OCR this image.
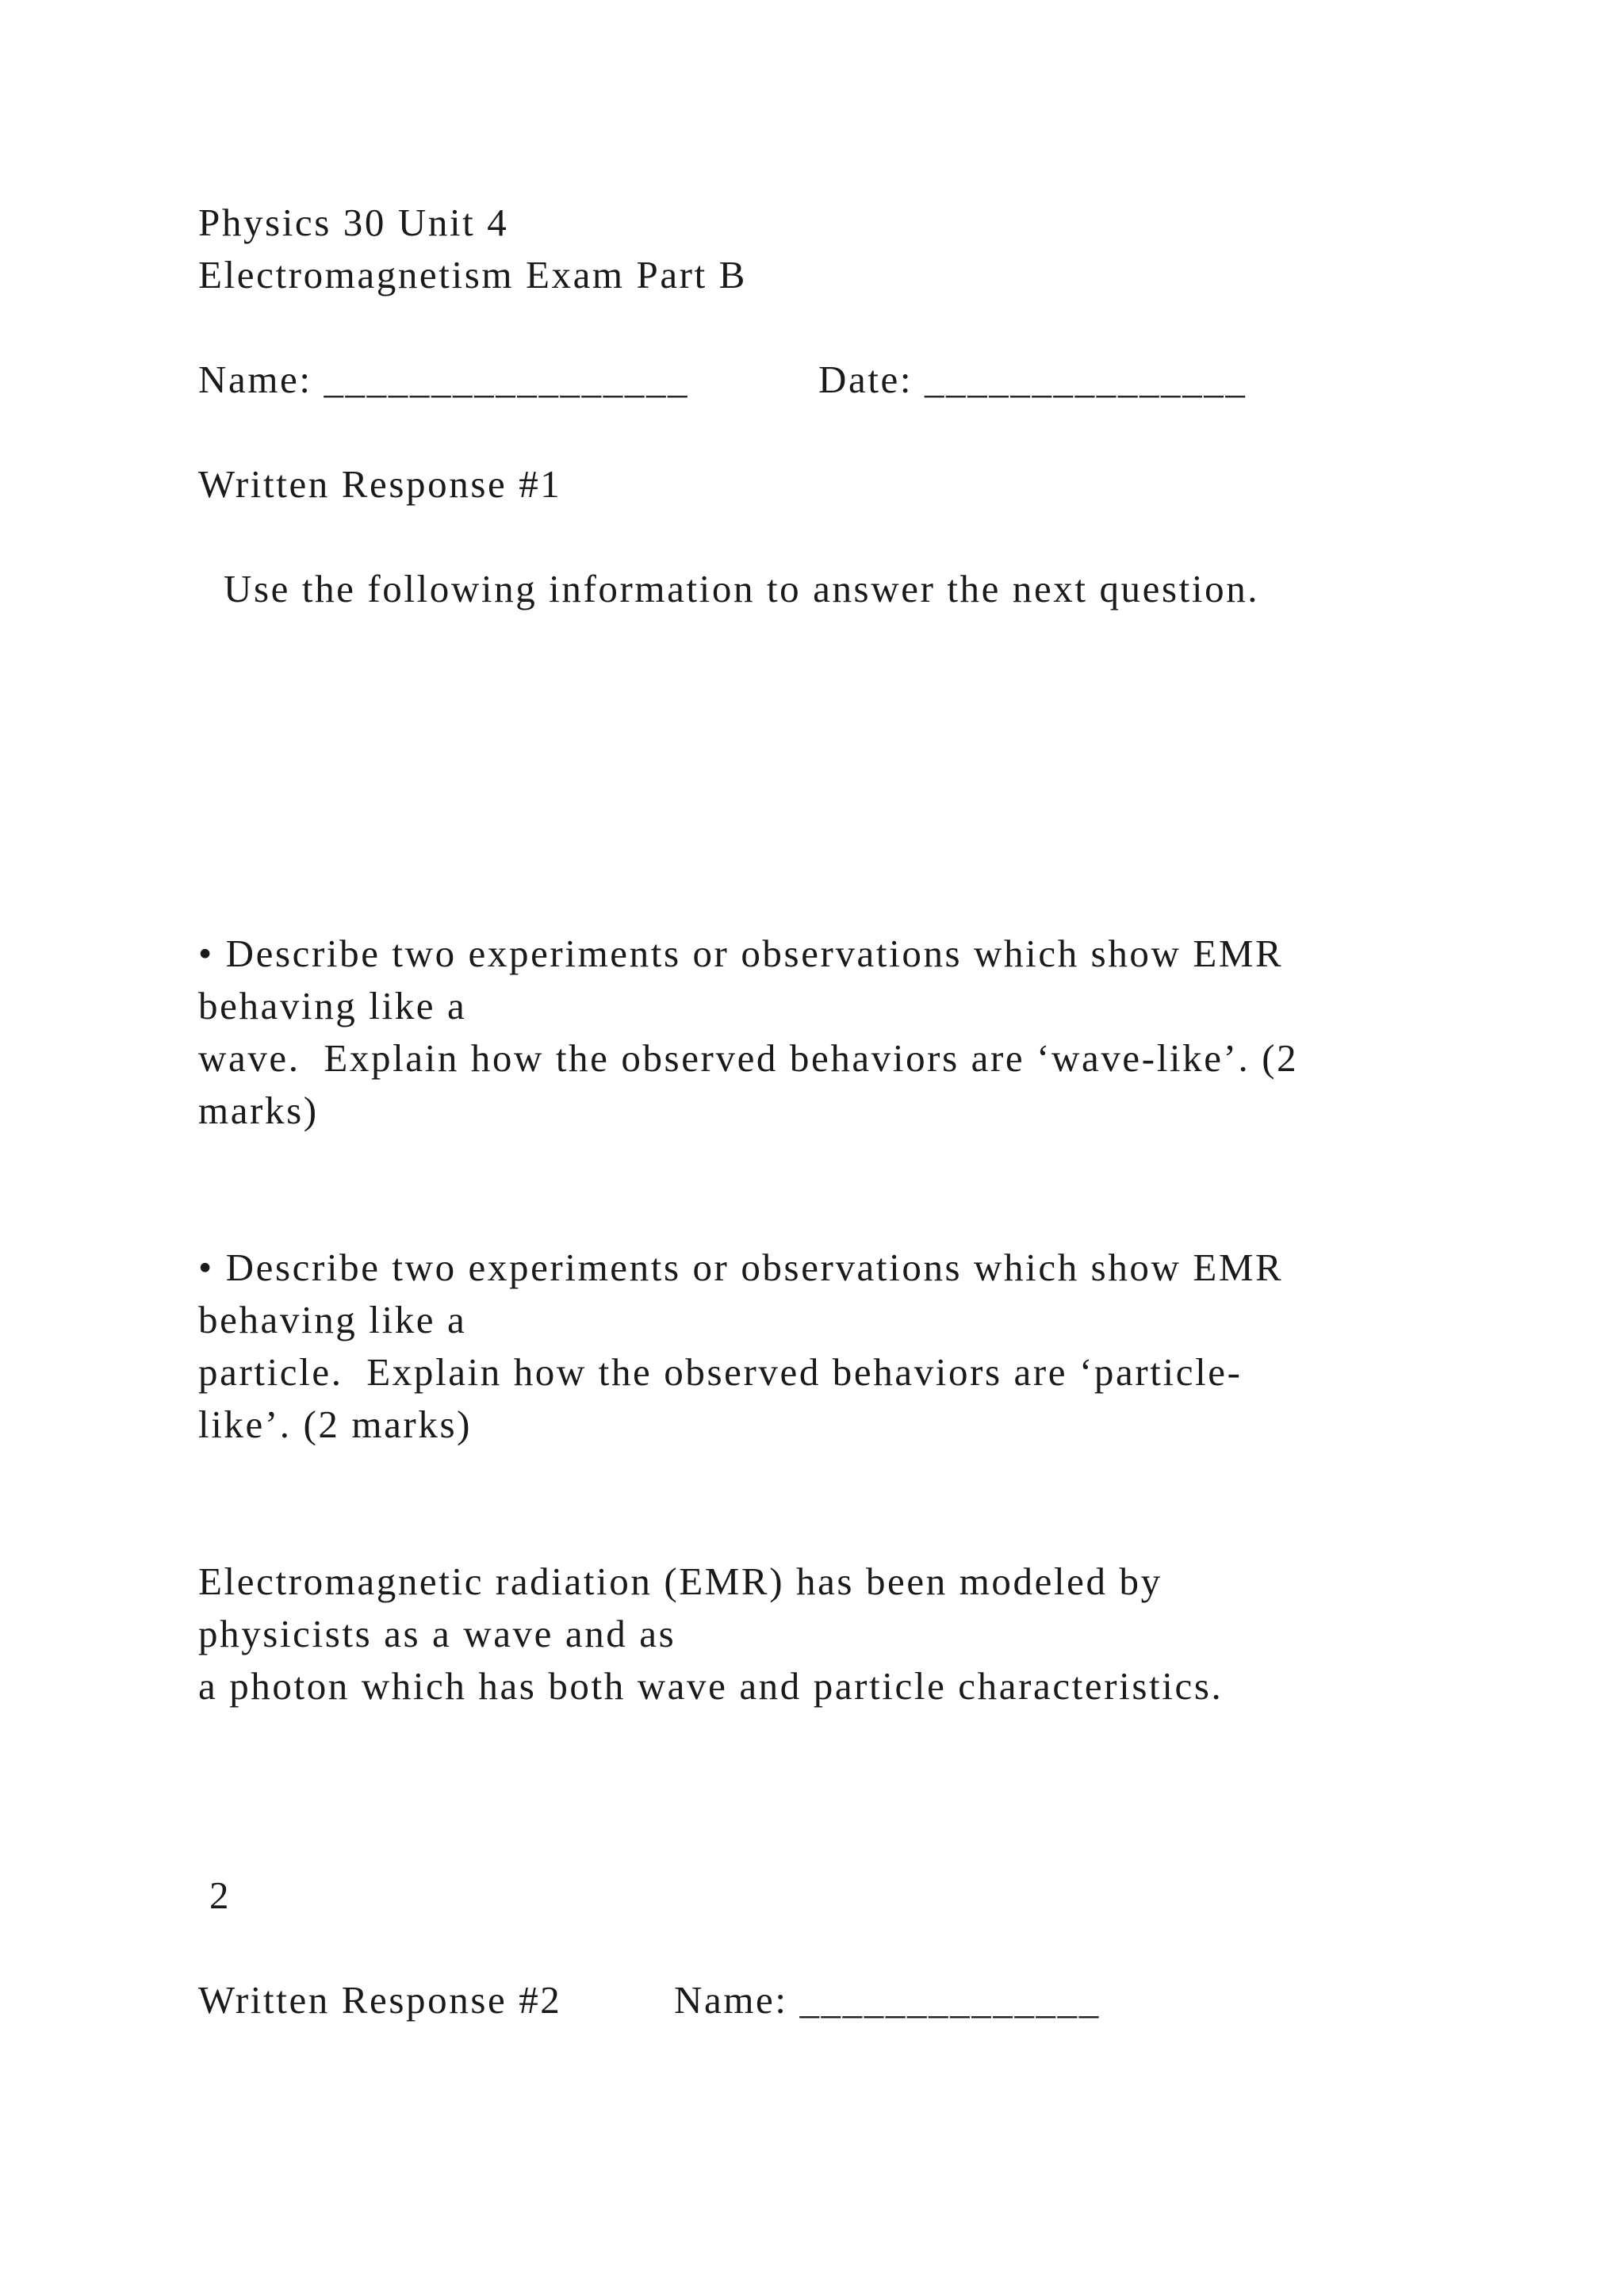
Physics 30 Unit 4

Electromagnetism Exam Part B

Name: _________________	Date: _______________

Written Response #1

Use the following information to answer the next question.

• Describe two experiments or observations which show EMR

behaving like a

wave.  Explain how the observed behaviors are ‘wave-like’. (2

marks)

• Describe two experiments or observations which show EMR

behaving like a

particle.  Explain how the observed behaviors are ‘particle-

like’. (2 marks)

Electromagnetic radiation (EMR) has been modeled by

physicists as a wave and as

a photon which has both wave and particle characteristics.

2

Written Response #2	Name: ______________
